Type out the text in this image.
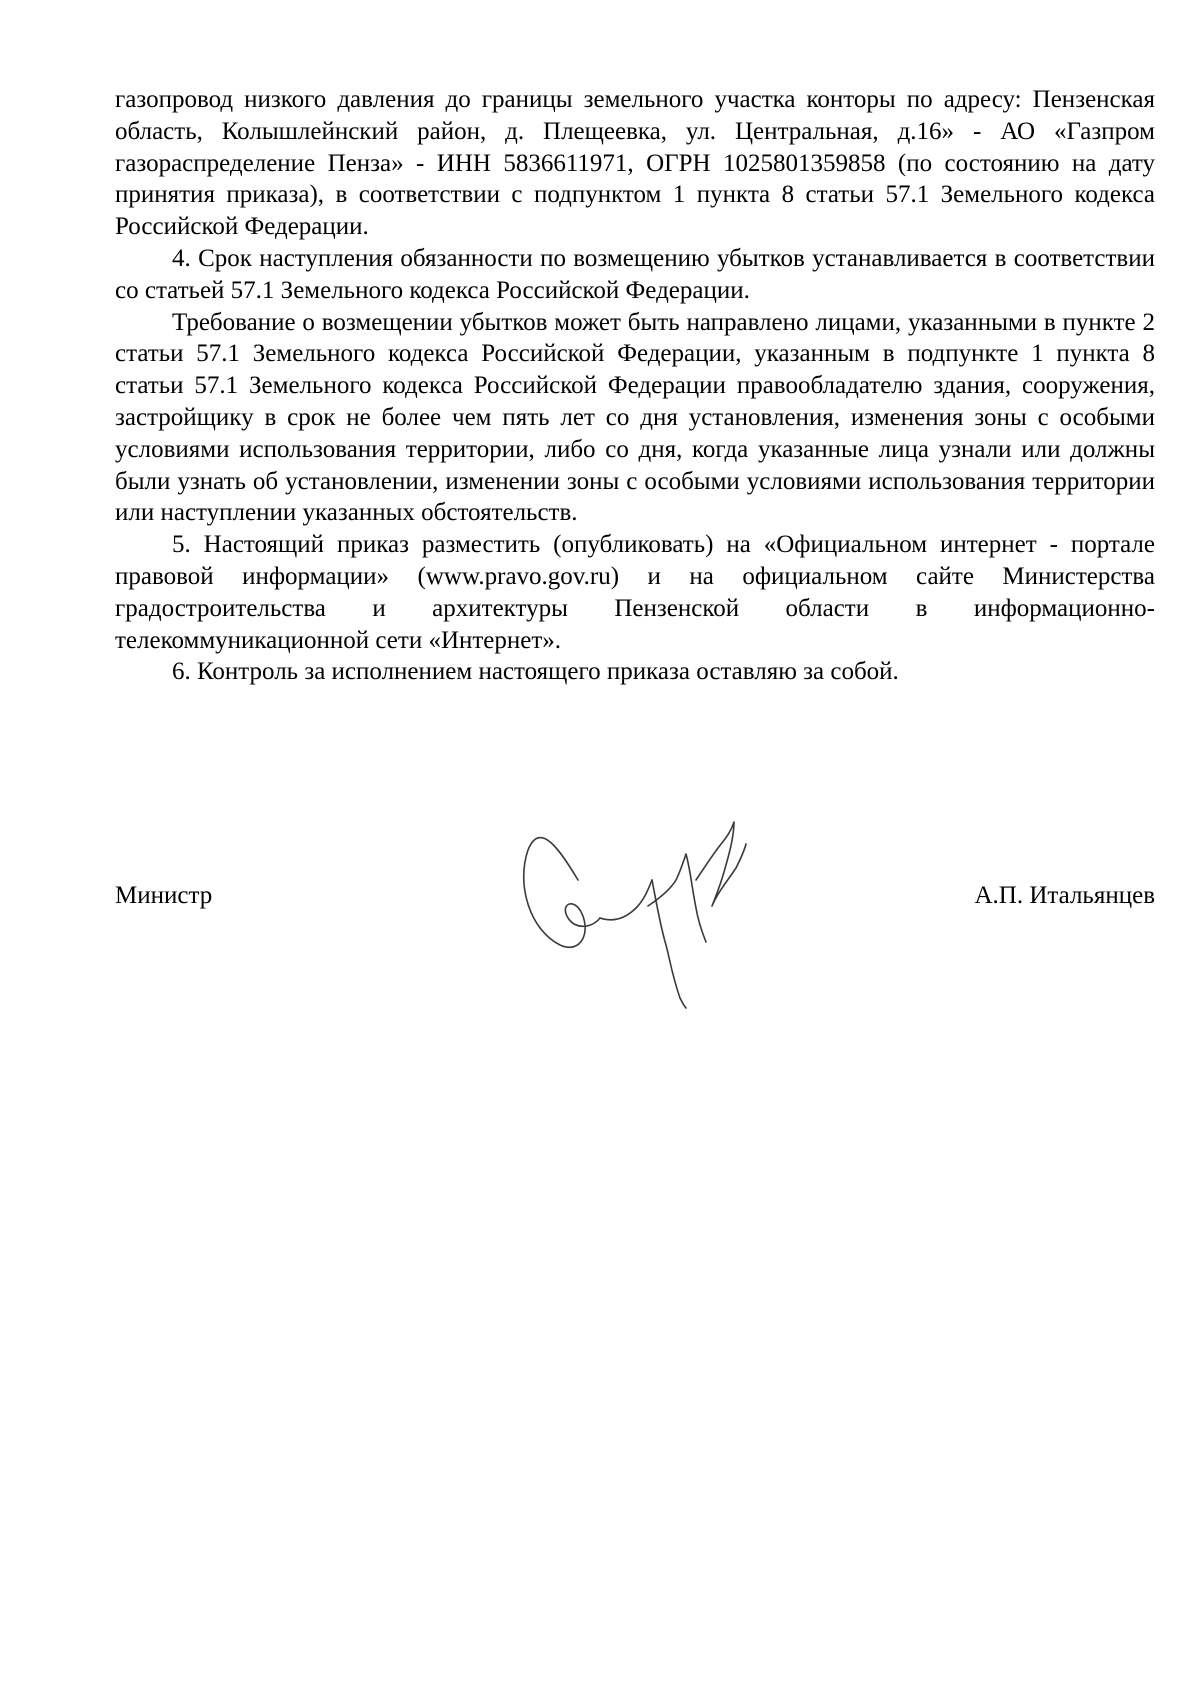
газопровод низкого давления до границы земельного участка конторы по адресу: Пензенская область, Колышлейнский район, д. Плещеевка, ул. Центральная, д.16» - АО «Газпром газораспределение Пенза» - ИНН 5836611971, ОГРН 1025801359858 (по состоянию на дату принятия приказа), в соответствии с подпунктом 1 пункта 8 статьи 57.1 Земельного кодекса Российской Федерации.

4. Срок наступления обязанности по возмещению убытков устанавливается в соответствии со статьей 57.1 Земельного кодекса Российской Федерации.

Требование о возмещении убытков может быть направлено лицами, указанными в пункте 2 статьи 57.1 Земельного кодекса Российской Федерации, указанным в подпункте 1 пункта 8 статьи 57.1 Земельного кодекса Российской Федерации правообладателю здания, сооружения, застройщику в срок не более чем пять лет со дня установления, изменения зоны с особыми условиями использования территории, либо со дня, когда указанные лица узнали или должны были узнать об установлении, изменении зоны с особыми условиями использования территории или наступлении указанных обстоятельств.

5. Настоящий приказ разместить (опубликовать) на «Официальном интернет - портале правовой информации» (www.pravo.gov.ru) и на официальном сайте Министерства градостроительства и архитектуры Пензенской области в информационно-телекоммуникационной сети «Интернет».

6. Контроль за исполнением настоящего приказа оставляю за собой.

Министр	А.П. Итальянцев
